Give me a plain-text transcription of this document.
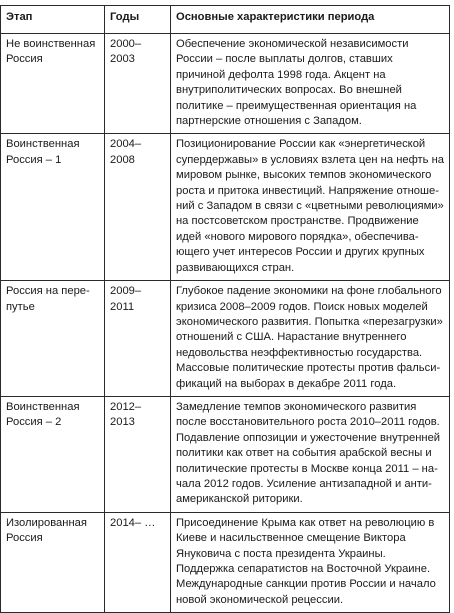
Этап	Годы	Основные характеристики периода
Не воинственная Россия	2000–2003	Обеспечение экономической независимости России – после выплаты долгов, ставших причиной дефолта 1998 года. Акцент на внутриполитических вопросах. Во внешней политике – преимущественная ориентация на партнерские отношения с Западом.
Воинственная Россия – 1	2004–2008	Позиционирование России как «энергетической супердержавы» в условиях взлета цен на нефть на мировом рынке, высоких темпов экономического роста и притока инвестиций. Напряжение отношений с Западом в связи с «цветными революциями» на постсоветском пространстве. Продвижение идей «нового мирового порядка», обеспечивающего учет интересов России и других крупных развивающихся стран.
Россия на перепутье	2009–2011	Глубокое падение экономики на фоне глобального кризиса 2008–2009 годов. Поиск новых моделей экономического развития. Попытка «перезагрузки» отношений с США. Нарастание внутреннего недовольства неэффективностью государства. Массовые политические протесты против фальсификаций на выборах в декабре 2011 года.
Воинственная Россия – 2	2012–2013	Замедление темпов экономического развития после восстановительного роста 2010–2011 годов. Подавление оппозиции и ужесточение внутренней политики как ответ на события арабской весны и политические протесты в Москве конца 2011 – начала 2012 годов. Усиление антизападной и антиамериканской риторики.
Изолированная Россия	2014– …	Присоединение Крыма как ответ на революцию в Киеве и насильственное смещение Виктора Януковича с поста президента Украины. Поддержка сепаратистов на Восточной Украине. Международные санкции против России и начало новой экономической рецессии.
